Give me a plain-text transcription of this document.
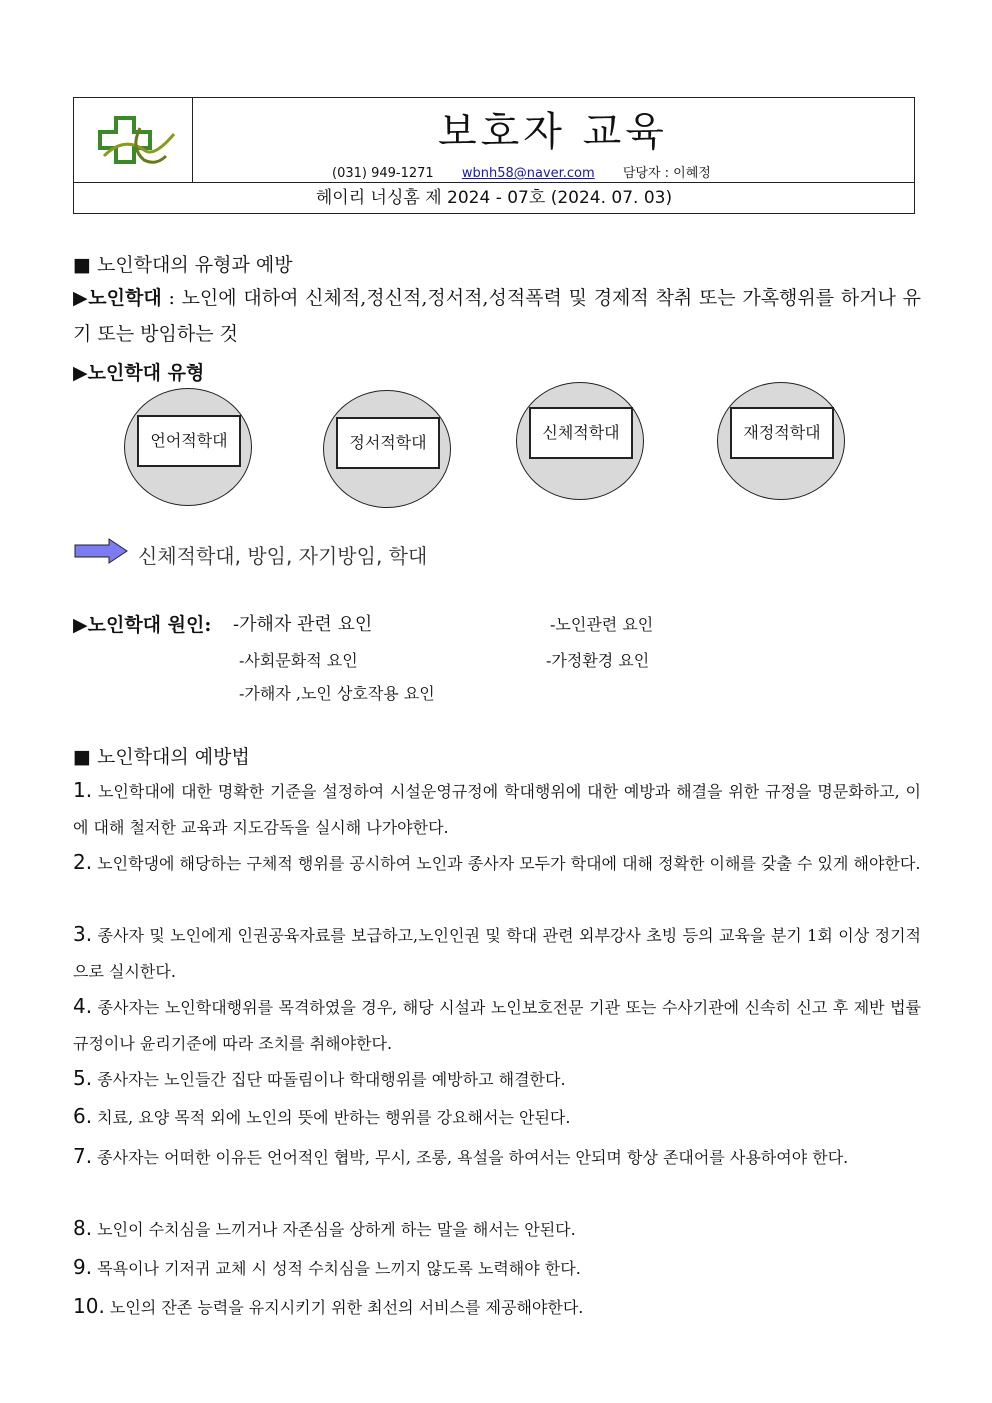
보호자 교육
(031) 949-1271 wbnh58@naver.com 담당자 : 이혜정
헤이리 너싱홈 제 2024 - 07호 (2024. 07. 03)
■ 노인학대의 유형과 예방
▶노인학대 : 노인에 대하여 신체적,정신적,정서적,성적폭력 및 경제적 착취 또는 가혹행위를 하거나 유기 또는 방임하는 것
▶노인학대 유형
언어적학대	정서적학대
신체적학대	재정적학대
신체적학대, 방임, 자기방임, 학대
▶노인학대 원인: -가해자 관련 요인	-노인관련 요인
-사회문화적 요인	-가정환경 요인
-가해자 ,노인 상호작용 요인
■ 노인학대의 예방법
1. 노인학대에 대한 명확한 기준을 설정하여 시설운영규정에 학대행위에 대한 예방과 해결을 위한 규정을 명문화하고, 이에 대해 철저한 교육과 지도감독을 실시해 나가야한다.
2. 노인학댕에 해당하는 구체적 행위를 공시하여 노인과 종사자 모두가 학대에 대해 정확한 이해를 갖출 수 있게 해야한다.
3. 종사자 및 노인에게 인권공육자료를 보급하고,노인인권 및 학대 관련 외부강사 초빙 등의 교육을 분기 1회 이상 정기적으로 실시한다.
4. 종사자는 노인학대행위를 목격하였을 경우, 해당 시설과 노인보호전문 기관 또는 수사기관에 신속히 신고 후 제반 법률규정이나 윤리기준에 따라 조치를 취해야한다.
5. 종사자는 노인들간 집단 따돌림이나 학대행위를 예방하고 해결한다.
6. 치료, 요양 목적 외에 노인의 뜻에 반하는 행위를 강요해서는 안된다.
7. 종사자는 어떠한 이유든 언어적인 협박, 무시, 조롱, 욕설을 하여서는 안되며 항상 존대어를 사용하여야 한다.
8. 노인이 수치심을 느끼거나 자존심을 상하게 하는 말을 해서는 안된다.
9. 목욕이나 기저귀 교체 시 성적 수치심을 느끼지 않도록 노력해야 한다.
10. 노인의 잔존 능력을 유지시키기 위한 최선의 서비스를 제공해야한다.
